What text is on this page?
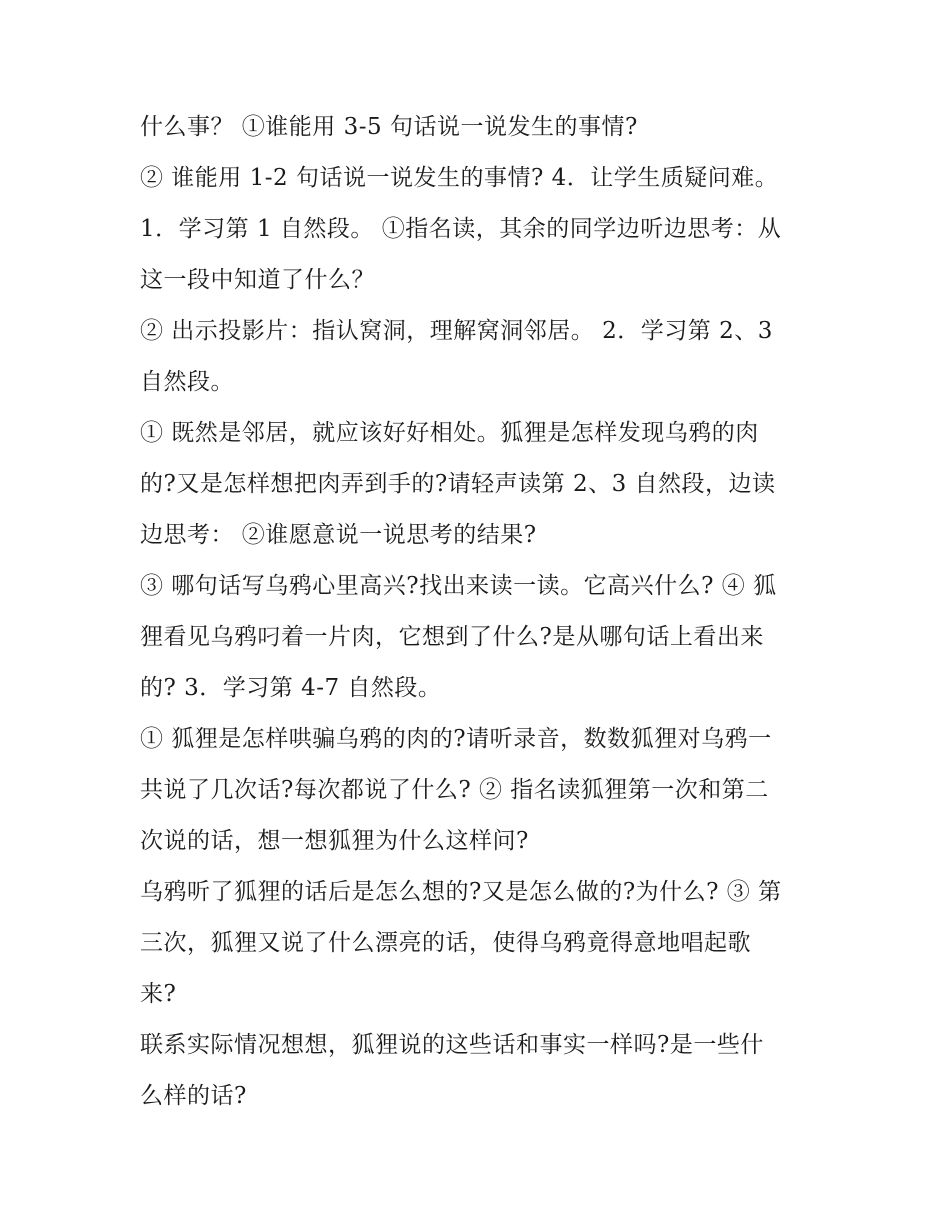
什么事？ ①谁能用 3-5 句话说一说发生的事情?
② 谁能用 1-2 句话说一说发生的事情? 4．让学生质疑问难。
1．学习第 1 自然段。 ①指名读，其余的同学边听边思考：从
这一段中知道了什么？
② 出示投影片：指认窝洞，理解窝洞邻居。 2．学习第 2、3
自然段。
① 既然是邻居，就应该好好相处。狐狸是怎样发现乌鸦的肉
的?又是怎样想把肉弄到手的?请轻声读第 2、3 自然段，边读
边思考： ②谁愿意说一说思考的结果?
③ 哪句话写乌鸦心里高兴?找出来读一读。它高兴什么? ④ 狐
狸看见乌鸦叼着一片肉，它想到了什么?是从哪句话上看出来
的? 3．学习第 4-7 自然段。
① 狐狸是怎样哄骗乌鸦的肉的?请听录音，数数狐狸对乌鸦一
共说了几次话?每次都说了什么? ② 指名读狐狸第一次和第二
次说的话，想一想狐狸为什么这样问?
乌鸦听了狐狸的话后是怎么想的?又是怎么做的?为什么? ③ 第
三次，狐狸又说了什么漂亮的话，使得乌鸦竟得意地唱起歌
来?
联系实际情况想想，狐狸说的这些话和事实一样吗?是一些什
么样的话?
